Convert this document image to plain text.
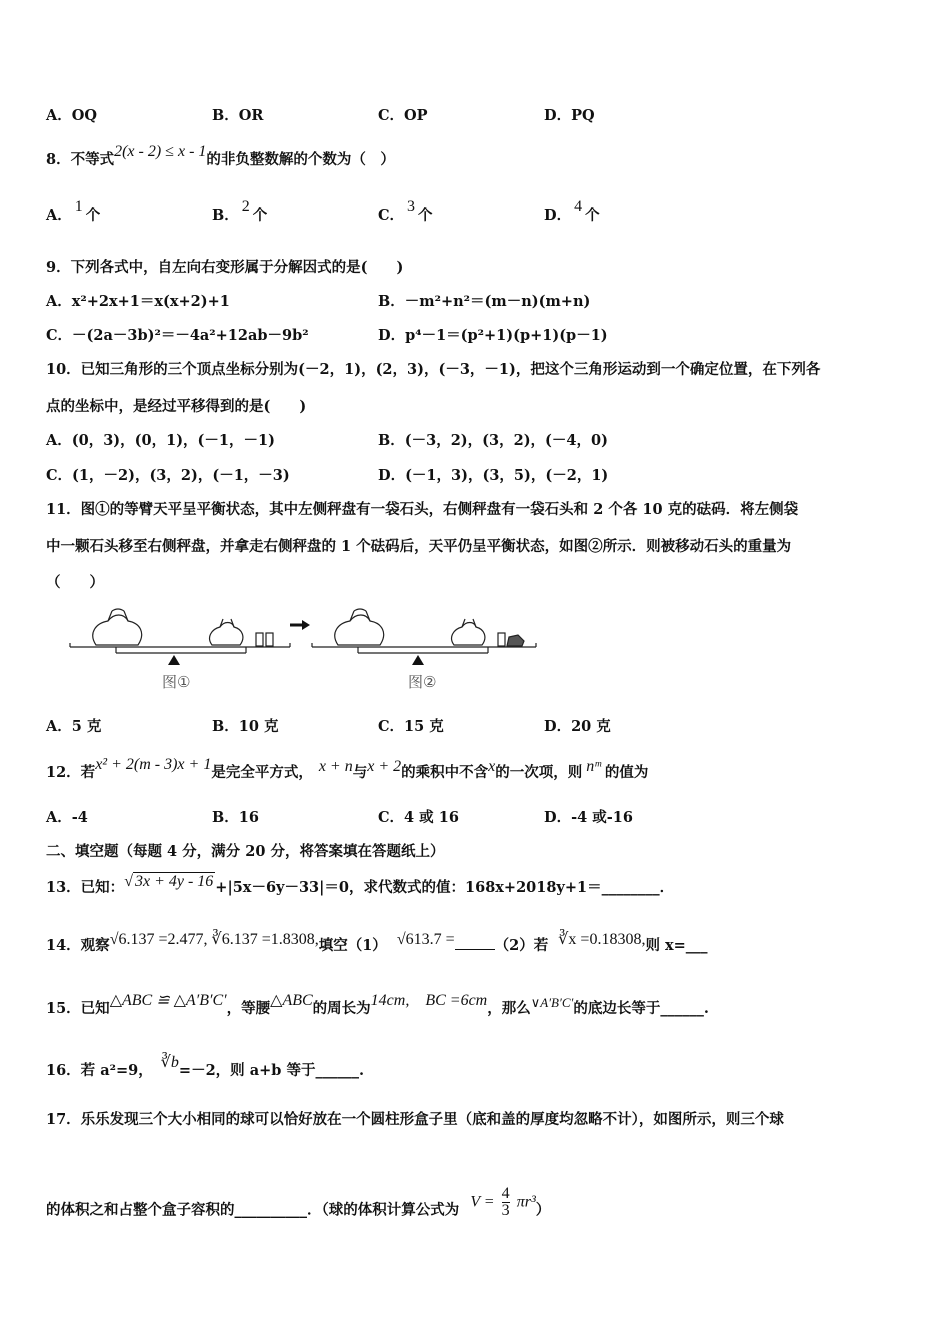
A．OQ	B．OR	C．OP	D．PQ
8．不等式2(x - 2) ≤ x - 1的非负整数解的个数为（　）
A．1个	B．2个	C．3个	D．4个
9．下列各式中，自左向右变形属于分解因式的是(　　)
A．x²+2x+1＝x(x+2)+1	B．－m²+n²＝(m－n)(m+n)
C．－(2a－3b)²＝－4a²+12ab－9b²	D．p⁴－1＝(p²+1)(p+1)(p－1)
10．已知三角形的三个顶点坐标分别为(－2，1)，(2，3)，(－3，－1)，把这个三角形运动到一个确定位置，在下列各
点的坐标中，是经过平移得到的是(　　)
A．(0，3)，(0，1)，(－1，－1)	B．(－3，2)，(3，2)，(－4，0)
C．(1，－2)，(3，2)，(－1，－3)	D．(－1，3)，(3，5)，(－2，1)
11．图①的等臂天平呈平衡状态，其中左侧秤盘有一袋石头，右侧秤盘有一袋石头和 2 个各 10 克的砝码．将左侧袋
中一颗石头移至右侧秤盘，并拿走右侧秤盘的 1 个砝码后，天平仍呈平衡状态，如图②所示．则被移动石头的重量为
（　　）
图①	图②
A．5 克	B．10 克	C．15 克	D．20 克
12．若x² + 2(m - 3)x + 1是完全平方式， x + n与x + 2的乘积中不含x的一次项，则 nᵐ 的值为
A．-4	B．16	C．4 或 16	D．-4 或-16
二、填空题（每题 4 分，满分 20 分，将答案填在答题纸上）
13．已知：√ 3x + 4y - 16 +|5x－6y－33|＝0，求代数式的值：168x+2018y+1＝________．
14．观察√6.137 =2.477, ∛6.137 =1.8308,填空（1） √613.7 =	（2）若 ∛x =0.18308,则 x=___
15．已知△ABC ≌ △A′B′C′，等腰△ABC的周长为14cm,　BC =6cm，那么∨A′B′C′的底边长等于______.
16．若 a²=9， ∛b=－2，则 a+b 等于______.
17．乐乐发现三个大小相同的球可以恰好放在一个圆柱形盒子里（底和盖的厚度均忽略不计），如图所示，则三个球
的体积之和占整个盒子容积的__________．（球的体积计算公式为 $V = \frac{4}{3} \pi r^3$）
